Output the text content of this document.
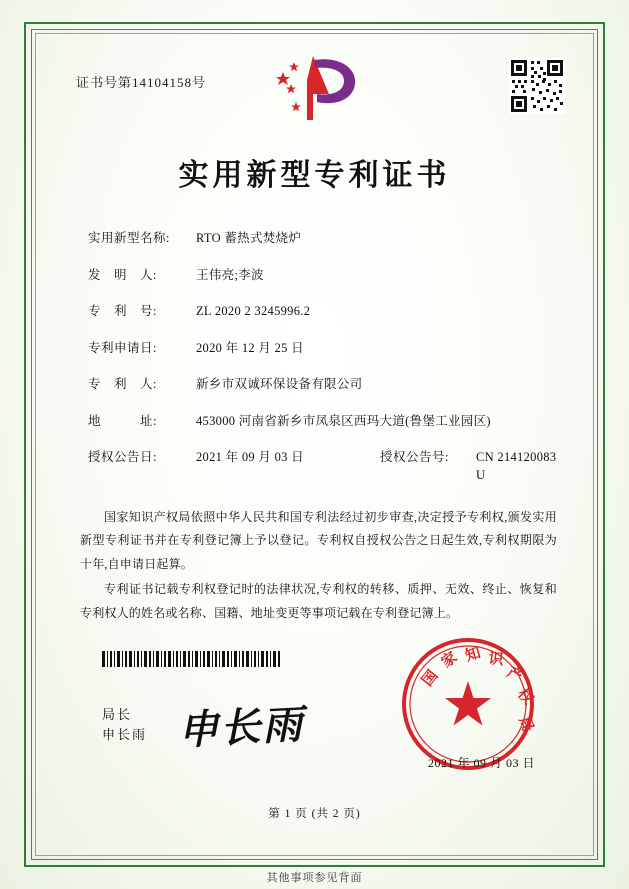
证书号第14104158号
实用新型专利证书
实用新型名称:	RTO 蓄热式焚烧炉
发　明　人:	王伟亮;李波
专　利　号:	ZL 2020 2 3245996.2
专利申请日:	2020 年 12 月 25 日
专　利　人:	新乡市双诚环保设备有限公司
地　　　址:	453000 河南省新乡市凤泉区西玛大道(鲁堡工业园区)
授权公告日:	2021 年 09 月 03 日	授权公告号:	CN 214120083 U
国家知识产权局依照中华人民共和国专利法经过初步审查,决定授予专利权,颁发实用新型专利证书并在专利登记簿上予以登记。专利权自授权公告之日起生效,专利权期限为十年,自申请日起算。
专利证书记载专利权登记时的法律状况,专利权的转移、质押、无效、终止、恢复和专利权人的姓名或名称、国籍、地址变更等事项记载在专利登记簿上。
局长
申长雨 申长雨
国
家 知 识
产
权
局
2021 年 09 月 03 日
第 1 页 (共 2 页)
其他事项参见背面
